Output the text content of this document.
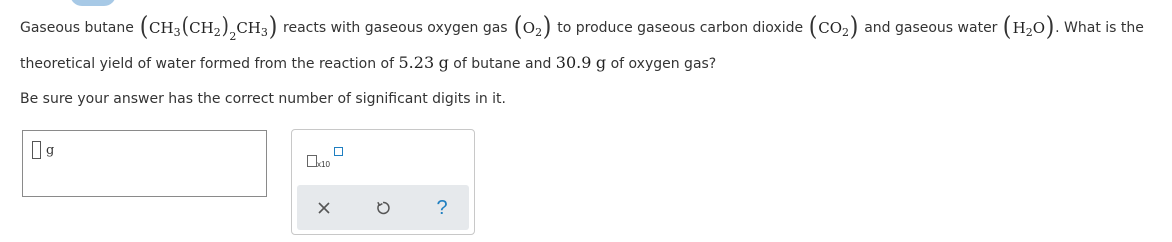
Gaseous butane ( CH 3 ( CH 2 ) 2 CH 3 ) reacts with gaseous oxygen gas ( O 2 ) to produce gaseous carbon dioxide ( CO 2 ) and gaseous water ( H 2 O ) . What is the
theoretical yield of water formed from the reaction of 5.23 g of butane and 30.9 g of oxygen gas?
Be sure your answer has the correct number of significant digits in it.
g
x10
?
